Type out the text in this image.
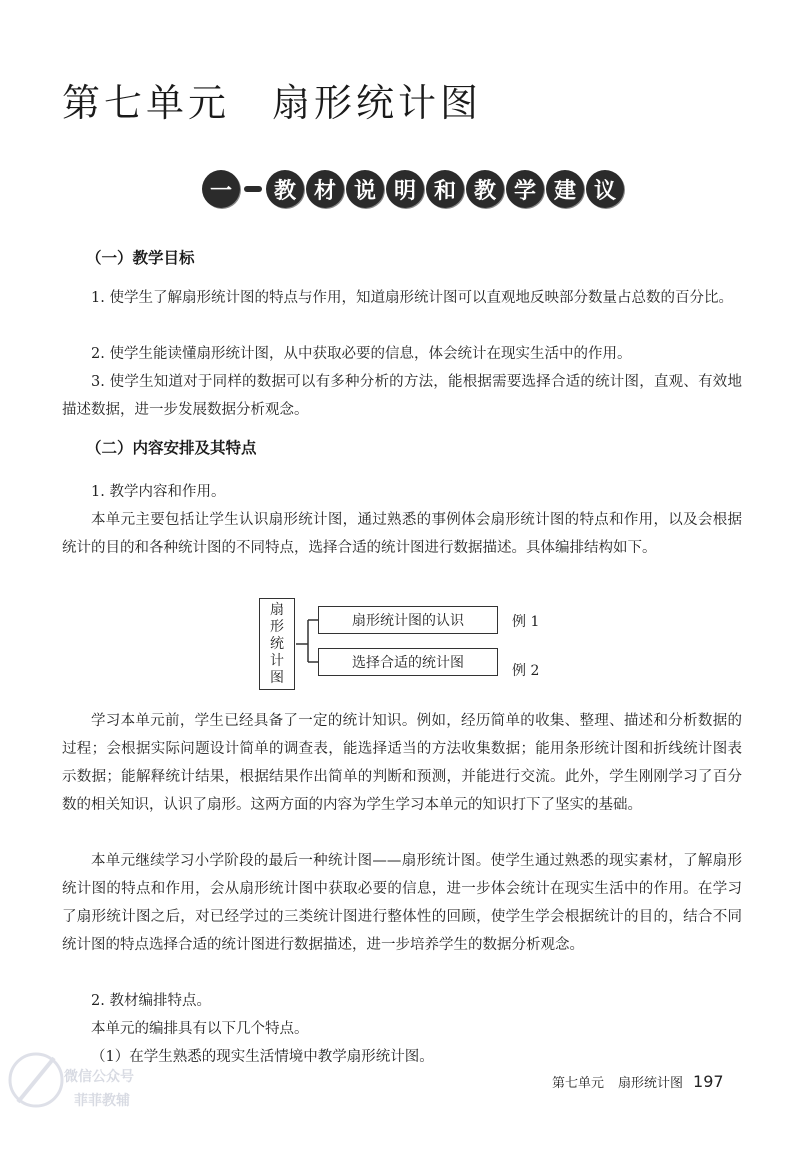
第七单元 扇形统计图
一	教 材 说 明 和 教 学 建 议
（一）教学目标
1. 使学生了解扇形统计图的特点与作用，知道扇形统计图可以直观地反映部分数量占总数的百分比。
2. 使学生能读懂扇形统计图，从中获取必要的信息，体会统计在现实生活中的作用。
3. 使学生知道对于同样的数据可以有多种分析的方法，能根据需要选择合适的统计图，直观、有效地描述数据，进一步发展数据分析观念。
（二）内容安排及其特点
1. 教学内容和作用。
本单元主要包括让学生认识扇形统计图，通过熟悉的事例体会扇形统计图的特点和作用，以及会根据统计的目的和各种统计图的不同特点，选择合适的统计图进行数据描述。具体编排结构如下。
扇
形
统
计
图
扇形统计图的认识	例 1
选择合适的统计图	例 2
学习本单元前，学生已经具备了一定的统计知识。例如，经历简单的收集、整理、描述和分析数据的过程；会根据实际问题设计简单的调查表，能选择适当的方法收集数据；能用条形统计图和折线统计图表示数据；能解释统计结果，根据结果作出简单的判断和预测，并能进行交流。此外，学生刚刚学习了百分数的相关知识，认识了扇形。这两方面的内容为学生学习本单元的知识打下了坚实的基础。
本单元继续学习小学阶段的最后一种统计图——扇形统计图。使学生通过熟悉的现实素材，了解扇形统计图的特点和作用，会从扇形统计图中获取必要的信息，进一步体会统计在现实生活中的作用。在学习了扇形统计图之后，对已经学过的三类统计图进行整体性的回顾，使学生学会根据统计的目的，结合不同统计图的特点选择合适的统计图进行数据描述，进一步培养学生的数据分析观念。
2. 教材编排特点。
本单元的编排具有以下几个特点。
（1）在学生熟悉的现实生活情境中教学扇形统计图。
微信公众号
菲菲教辅
第七单元 扇形统计图 197
